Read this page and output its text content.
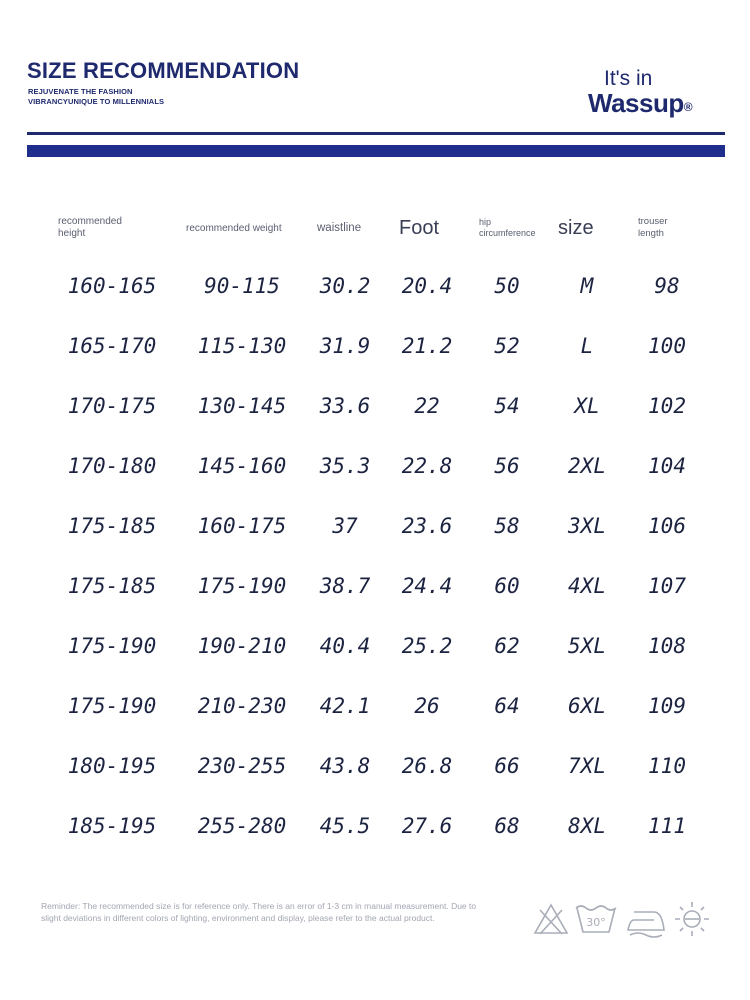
SIZE RECOMMENDATION
REJUVENATE THE FASHION
VIBRANCYUNIQUE TO MILLENNIALS
It's in
Wassup®
recommended height	recommended weight	waistline	Foot	hip circumference	size	trouser length
160-165	90-115	30.2	20.4	50	M	98
165-170	115-130	31.9	21.2	52	L	100
170-175	130-145	33.6	22	54	XL	102
170-180	145-160	35.3	22.8	56	2XL	104
175-185	160-175	37	23.6	58	3XL	106
175-185	175-190	38.7	24.4	60	4XL	107
175-190	190-210	40.4	25.2	62	5XL	108
175-190	210-230	42.1	26	64	6XL	109
180-195	230-255	43.8	26.8	66	7XL	110
185-195	255-280	45.5	27.6	68	8XL	111
Reminder: The recommended size is for reference only. There is an error of 1-3 cm in manual measurement. Due to slight deviations in different colors of lighting, environment and display, please refer to the actual product.	30°
